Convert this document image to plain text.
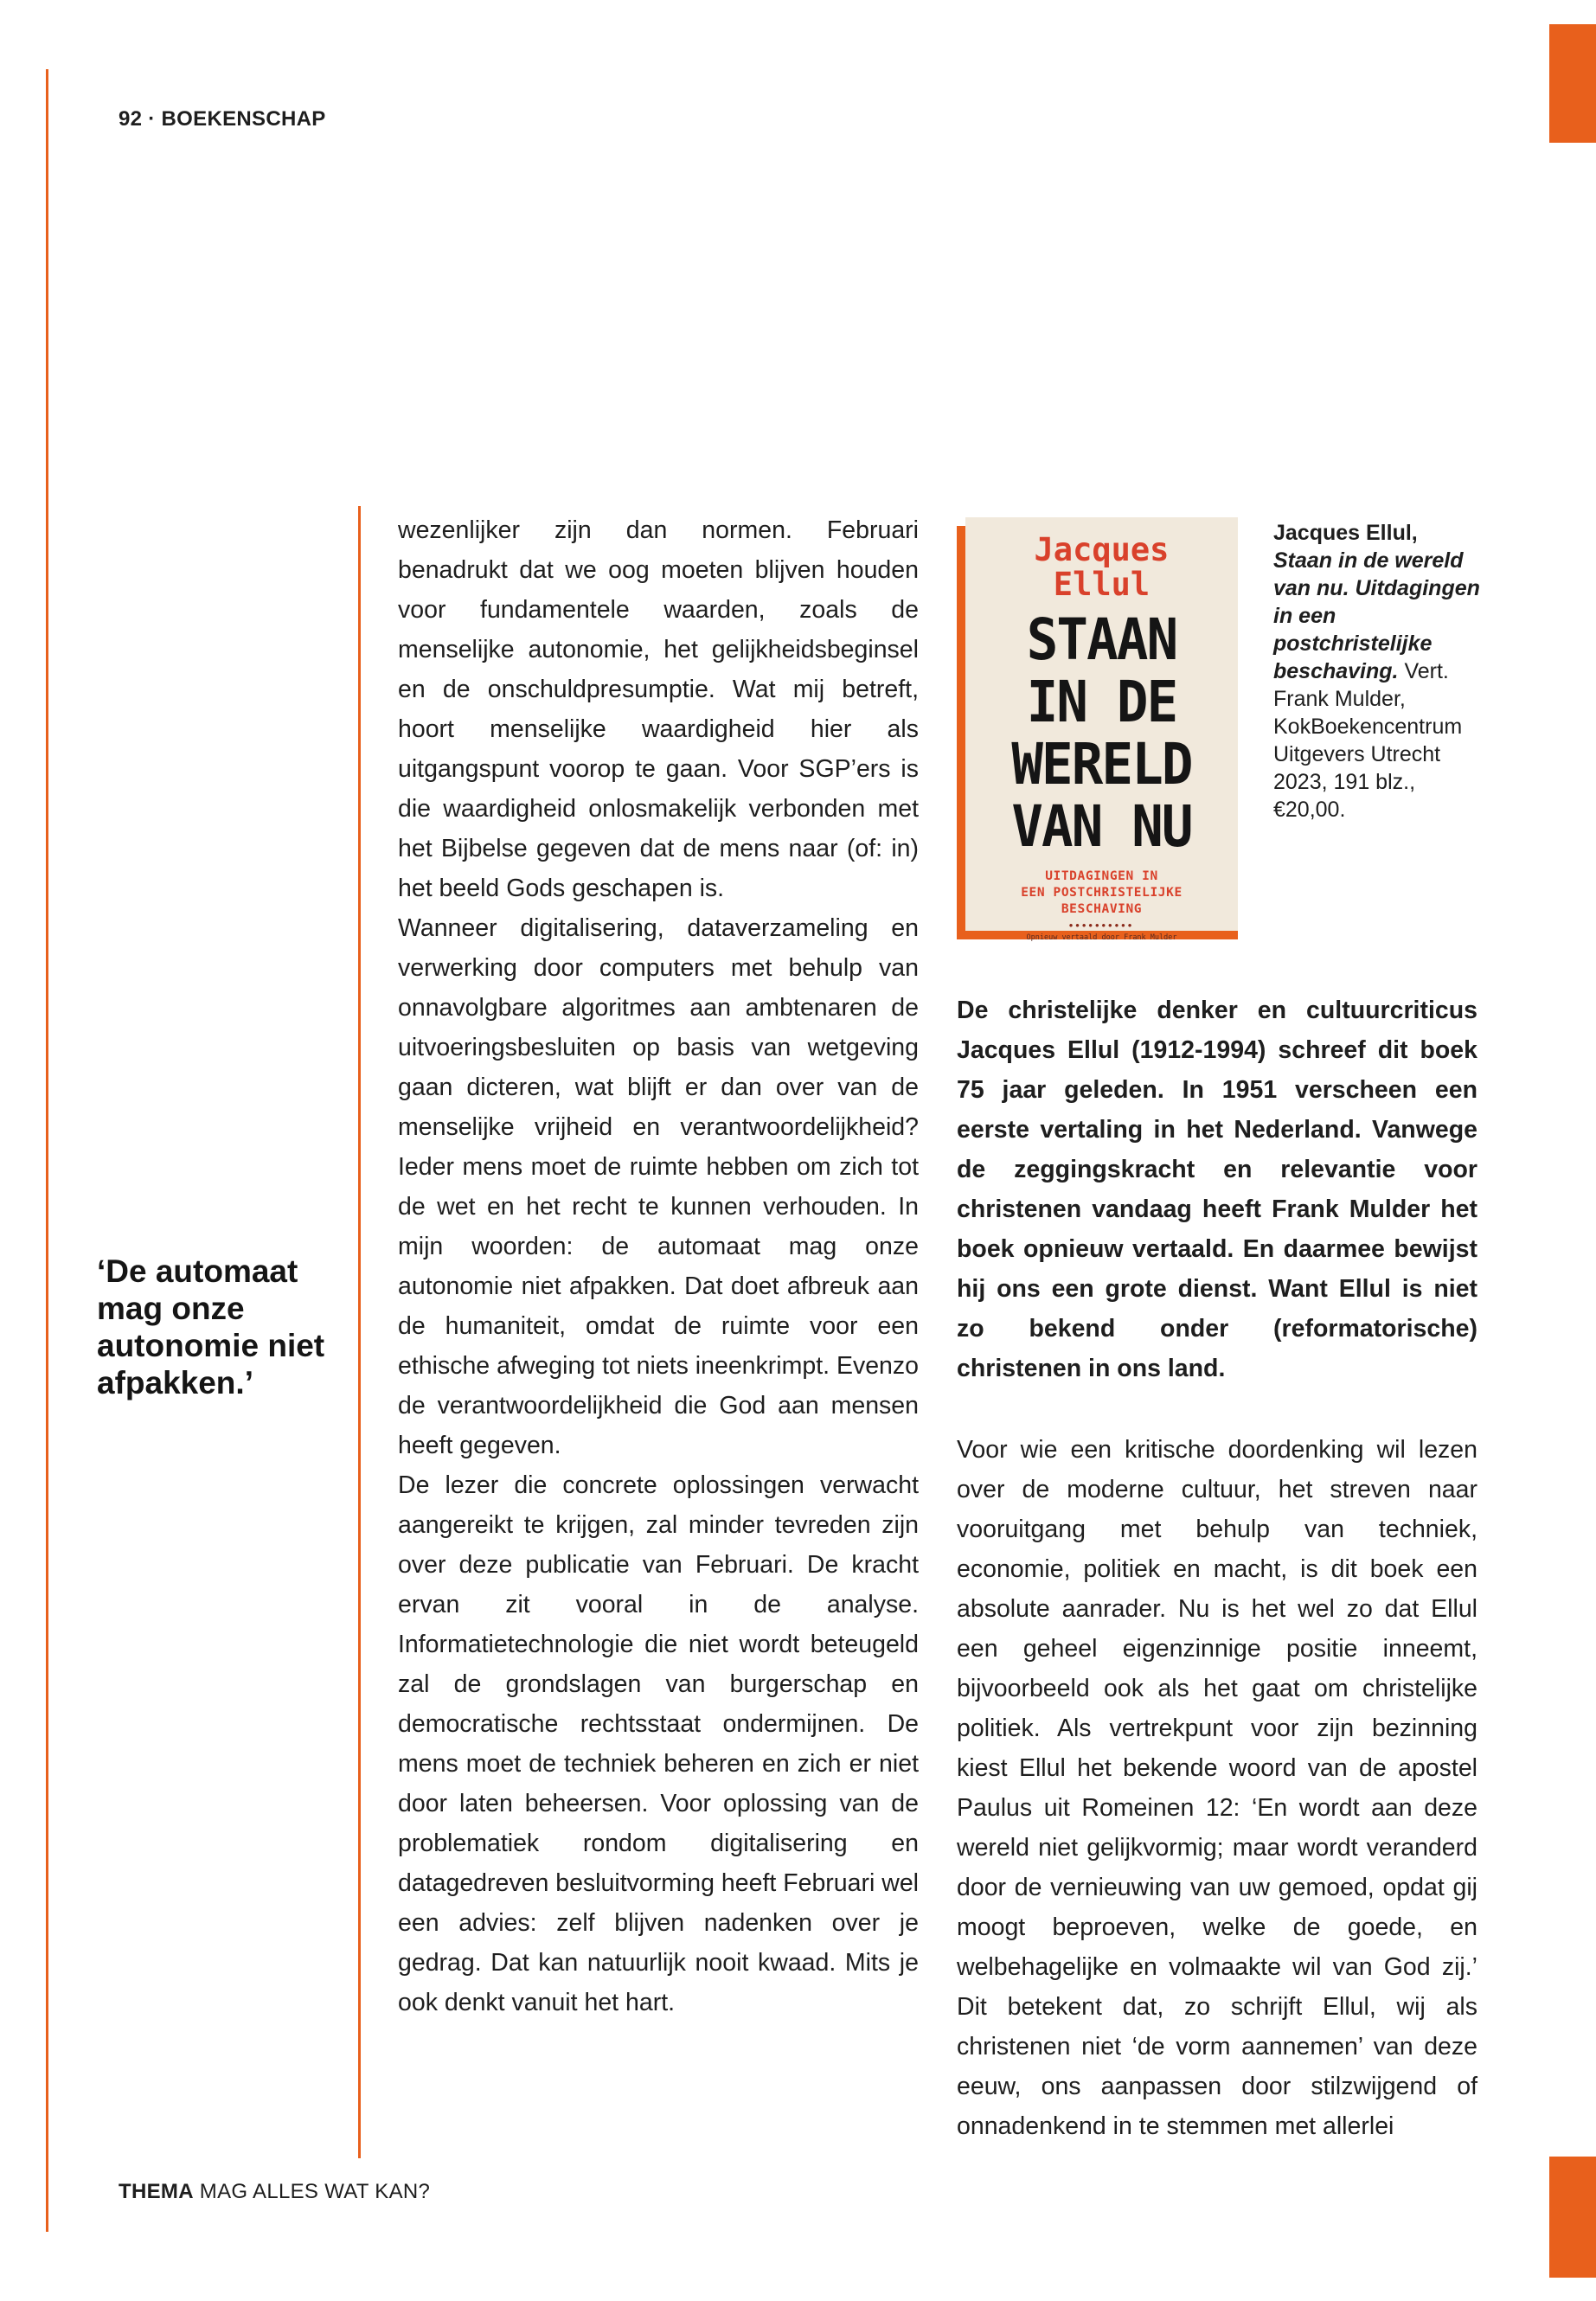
92 · BOEKENSCHAP
‘De automaat mag onze autonomie niet afpakken.’

wezenlijker zijn dan normen. Februari benadrukt dat we oog moeten blijven houden voor fundamentele waarden, zoals de menselijke autonomie, het gelijkheidsbeginsel en de onschuldpresumptie. Wat mij betreft, hoort menselijke waardigheid hier als uitgangspunt voorop te gaan. Voor SGP’ers is die waardigheid onlosmakelijk verbonden met het Bijbelse gegeven dat de mens naar (of: in) het beeld Gods geschapen is.

Wanneer digitalisering, dataverzameling en verwerking door computers met behulp van onnavolgbare algoritmes aan ambtenaren de uitvoeringsbesluiten op basis van wetgeving gaan dicteren, wat blijft er dan over van de menselijke vrijheid en verantwoordelijkheid? Ieder mens moet de ruimte hebben om zich tot de wet en het recht te kunnen verhouden. In mijn woorden: de automaat mag onze autonomie niet afpakken. Dat doet afbreuk aan de humaniteit, omdat de ruimte voor een ethische afweging tot niets ineenkrimpt. Evenzo de verantwoordelijkheid die God aan mensen heeft gegeven.

De lezer die concrete oplossingen verwacht aangereikt te krijgen, zal minder tevreden zijn over deze publicatie van Februari. De kracht ervan zit vooral in de analyse. Informatietechnologie die niet wordt beteugeld zal de grondslagen van burgerschap en democratische rechtsstaat ondermijnen. De mens moet de techniek beheren en zich er niet door laten beheersen. Voor oplossing van de problematiek rondom digitalisering en datagedreven besluitvorming heeft Februari wel een advies: zelf blijven nadenken over je gedrag. Dat kan natuurlijk nooit kwaad. Mits je ook denkt vanuit het hart.

Jacques
Ellul
STAAN
IN DE
WERELD
VAN NU
UITDAGINGEN IN
EEN POSTCHRISTELIJKE
BESCHAVING
••••••••••
Opnieuw vertaald door Frank Mulder
Jacques Ellul,
Staan in de wereld van nu. Uitdagingen in een postchristelijke beschaving. Vert. Frank Mulder, KokBoekencentrum Uitgevers Utrecht 2023, 191 blz., €20,00.

De christelijke denker en cultuurcriticus Jacques Ellul (1912-1994) schreef dit boek 75 jaar geleden. In 1951 verscheen een eerste vertaling in het Nederland. Vanwege de zeggingskracht en relevantie voor christenen vandaag heeft Frank Mulder het boek opnieuw vertaald. En daarmee bewijst hij ons een grote dienst. Want Ellul is niet zo bekend onder (reformatorische) christenen in ons land.

Voor wie een kritische doordenking wil lezen over de moderne cultuur, het streven naar vooruitgang met behulp van techniek, economie, politiek en macht, is dit boek een absolute aanrader. Nu is het wel zo dat Ellul een geheel eigenzinnige positie inneemt, bijvoorbeeld ook als het gaat om christelijke politiek. Als vertrekpunt voor zijn bezinning kiest Ellul het bekende woord van de apostel Paulus uit Romeinen 12: ‘En wordt aan deze wereld niet gelijkvormig; maar wordt veranderd door de vernieuwing van uw gemoed, opdat gij moogt beproeven, welke de goede, en welbehagelijke en volmaakte wil van God zij.’ Dit betekent dat, zo schrijft Ellul, wij als christenen niet ‘de vorm aannemen’ van deze eeuw, ons aanpassen door stilzwijgend of onnadenkend in te stemmen met allerlei

THEMA MAG ALLES WAT KAN?
